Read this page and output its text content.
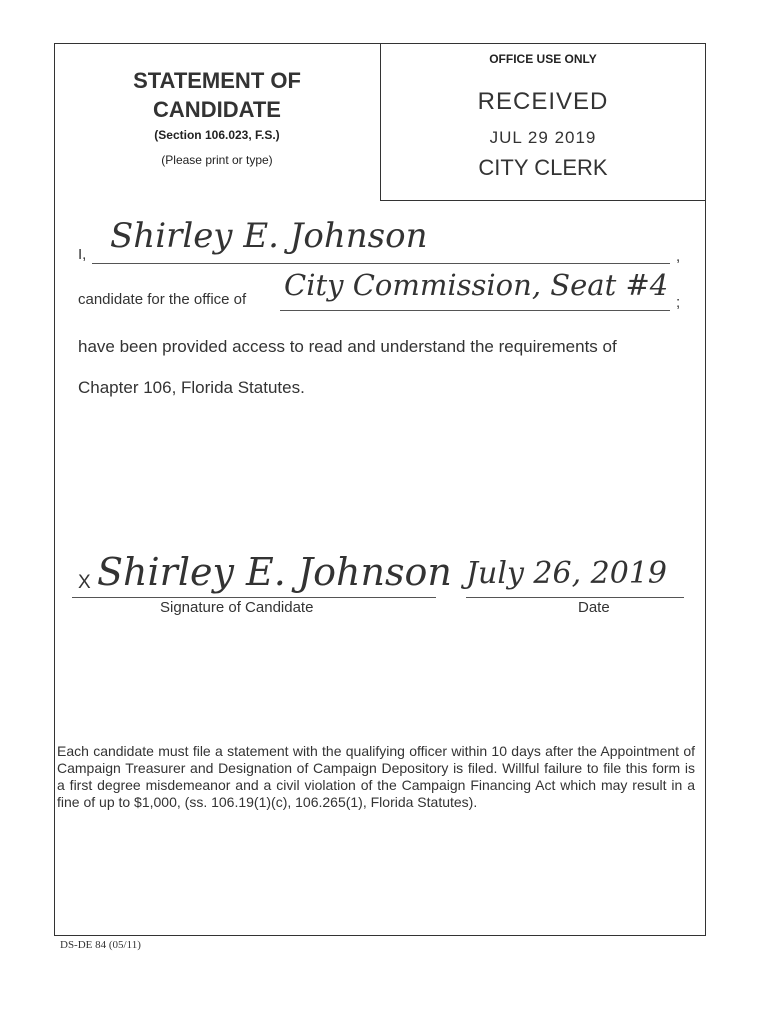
OFFICE USE ONLY
RECEIVED
JUL 29 2019
CITY CLERK
STATEMENT OF
CANDIDATE
(Section 106.023, F.S.)
(Please print or type)
I, Shirley E. Johnson
,
candidate for the office of City Commission, Seat #4
;
have been provided access to read and understand the requirements of
Chapter 106, Florida Statutes.
X Shirley E. Johnson
Signature of Candidate
July 26, 2019
Date
Each candidate must file a statement with the qualifying officer within 10 days after the Appointment of Campaign Treasurer and Designation of Campaign Depository is filed. Willful failure to file this form is a first degree misdemeanor and a civil violation of the Campaign Financing Act which may result in a fine of up to $1,000, (ss. 106.19(1)(c), 106.265(1), Florida Statutes).
DS-DE 84 (05/11)
